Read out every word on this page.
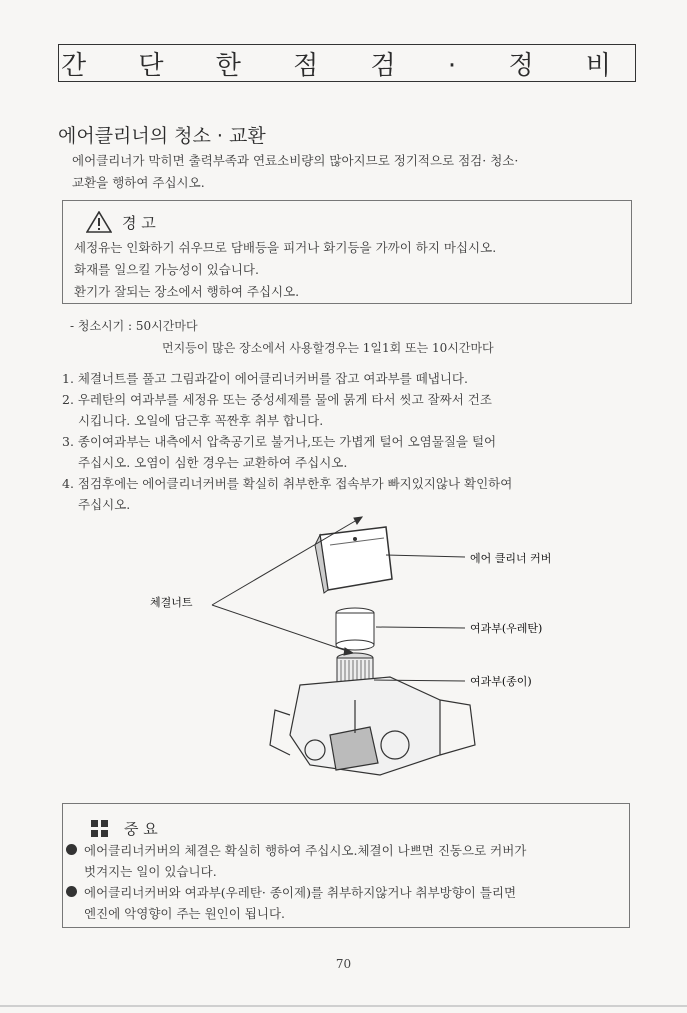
간 단 한 점 검 · 정 비
에어클리너의 청소 · 교환
에어클리너가 막히면 출력부족과 연료소비량의 많아지므로 정기적으로 점검· 청소·
교환을 행하여 주십시오.
경 고
세정유는 인화하기 쉬우므로 담배등을 피거나 화기등을 가까이 하지 마십시오.
화재를 일으킬 가능성이 있습니다.
환기가 잘되는 장소에서 행하여 주십시오.
- 청소시기 : 50시간마다
먼지등이 많은 장소에서 사용할경우는 1일1회 또는 10시간마다
1. 체결너트를 풀고 그림과같이 에어클리너커버를 잡고 여과부를 떼냅니다.
2. 우레탄의 여과부를 세정유 또는 중성세제를 물에 묽게 타서 씻고 잘짜서 건조
시킵니다. 오일에 담근후 꼭짠후 취부 합니다.
3. 종이여과부는 내측에서 압축공기로 불거나,또는 가볍게 털어 오염물질을 털어
주십시오. 오염이 심한 경우는 교환하여 주십시오.
4. 점검후에는 에어클리너커버를 확실히 취부한후 접속부가 빠지있지않나 확인하여
주십시오.
체결너트
에어 클리너 커버
여과부(우레탄)
여과부(종이)
중 요
에어클리너커버의 체결은 확실히 행하여 주십시오.체결이 나쁘면 진동으로 커버가
벗겨지는 일이 있습니다.
에어클리너커버와 여과부(우레탄· 종이제)를 취부하지않거나 취부방향이 틀리면
엔진에 악영향이 주는 원인이 됩니다.
70
